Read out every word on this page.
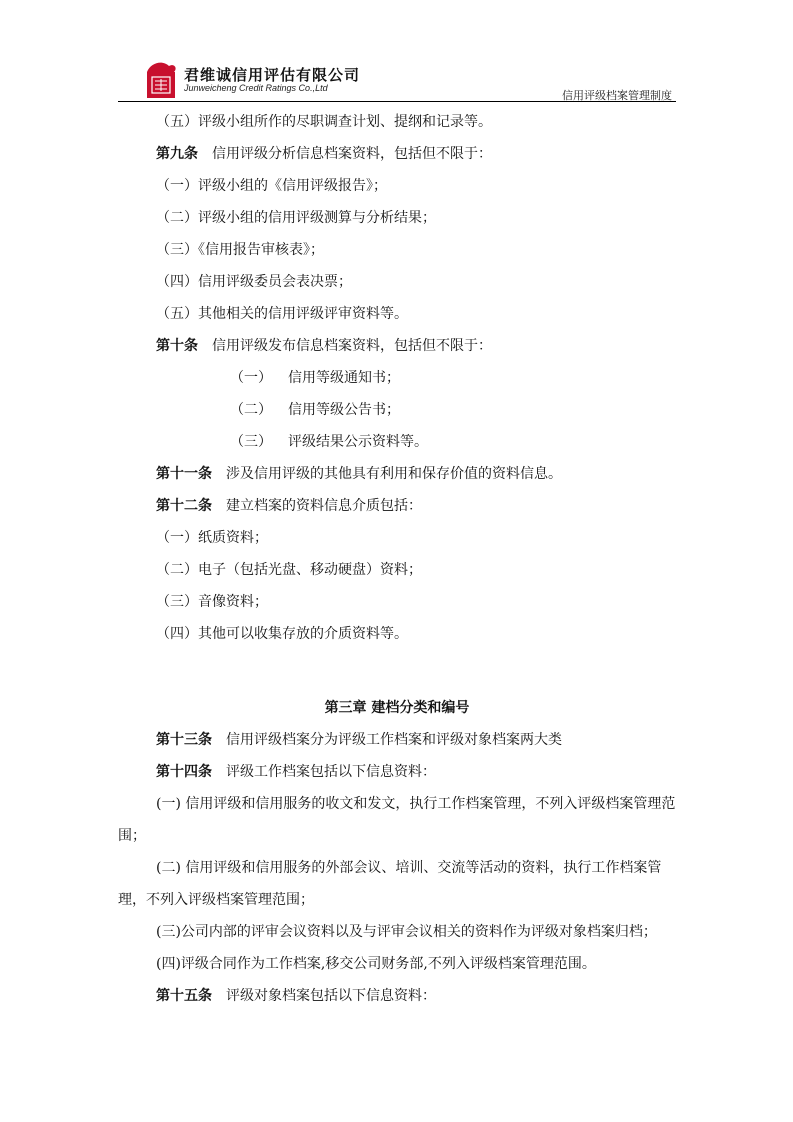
君维诚信用评估有限公司
Junweicheng Credit Ratings Co.,Ltd
信用评级档案管理制度

（五）评级小组所作的尽职调查计划、提纲和记录等。

第九条 信用评级分析信息档案资料，包括但不限于：

（一）评级小组的《信用评级报告》；

（二）评级小组的信用评级测算与分析结果；

（三）《信用报告审核表》；

（四）信用评级委员会表决票；

（五）其他相关的信用评级评审资料等。

第十条 信用评级发布信息档案资料，包括但不限于：

（一） 信用等级通知书；

（二） 信用等级公告书；

（三） 评级结果公示资料等。

第十一条 涉及信用评级的其他具有利用和保存价值的资料信息。

第十二条 建立档案的资料信息介质包括：

（一）纸质资料；

（二）电子（包括光盘、移动硬盘）资料；

（三）音像资料；

（四）其他可以收集存放的介质资料等。

第三章 建档分类和编号

第十三条 信用评级档案分为评级工作档案和评级对象档案两大类

第十四条 评级工作档案包括以下信息资料：

(一) 信用评级和信用服务的收文和发文，执行工作档案管理，不列入评级档案管理范围；

(二) 信用评级和信用服务的外部会议、培训、交流等活动的资料，执行工作档案管理，不列入评级档案管理范围；

(三)公司内部的评审会议资料以及与评审会议相关的资料作为评级对象档案归档；

(四)评级合同作为工作档案,移交公司财务部,不列入评级档案管理范围。

第十五条 评级对象档案包括以下信息资料：
